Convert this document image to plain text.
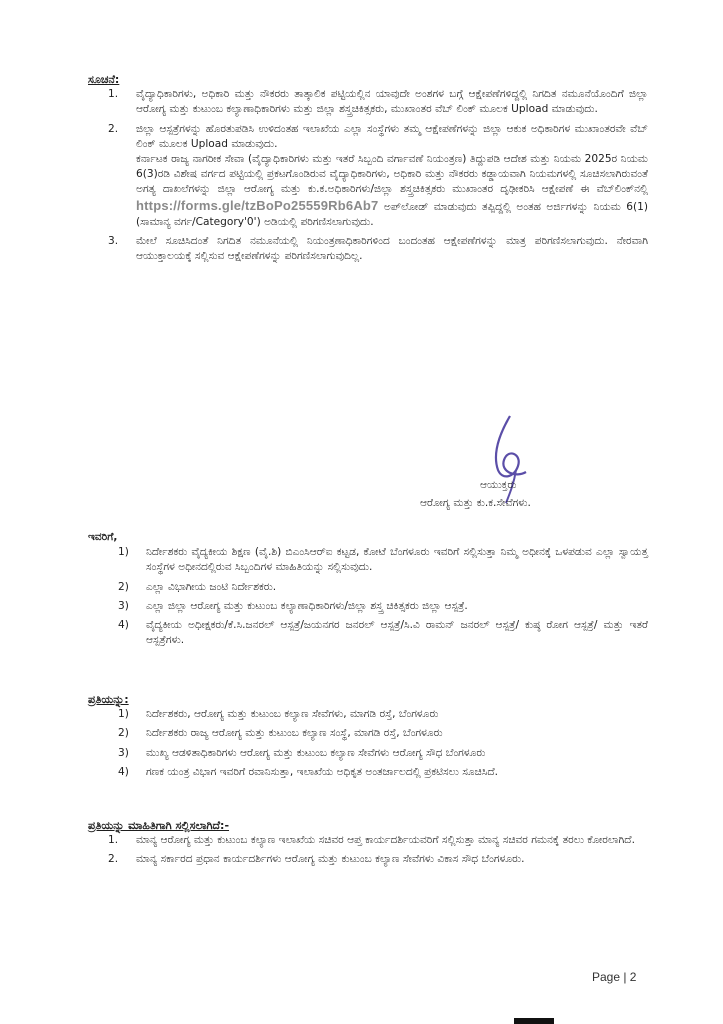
ಸೂಚನೆ:
1. ವೈದ್ಯಾಧಿಕಾರಿಗಳು, ಅಧಿಕಾರಿ ಮತ್ತು ನೌಕರರು ತಾತ್ಕಾಲಿಕ ಪಟ್ಟಿಯಲ್ಲಿನ ಯಾವುದೇ ಅಂಶಗಳ ಬಗ್ಗೆ ಆಕ್ಷೇಪಣೆಗಳಿದ್ದಲ್ಲಿ ನಿಗದಿತ ನಮೂನೆಯೊಂದಿಗೆ ಜಿಲ್ಲಾ ಆರೋಗ್ಯ ಮತ್ತು ಕುಟುಂಬ ಕಲ್ಯಾಣಾಧಿಕಾರಿಗಳು ಮತ್ತು ಜಿಲ್ಲಾ ಶಸ್ತ್ರಚಿಕಿತ್ಸಕರು, ಮುಖಾಂತರ ವೆಬ್ ಲಿಂಕ್ ಮೂಲಕ Upload ಮಾಡುವುದು.
2. ಜಿಲ್ಲಾ ಆಸ್ಪತ್ರೆಗಳನ್ನು ಹೊರತುಪಡಿಸಿ ಉಳಿದಂತಹ ಇಲಾಖೆಯ ಎಲ್ಲಾ ಸಂಸ್ಥೆಗಳು ತಮ್ಮ ಆಕ್ಷೇಪಣೆಗಳನ್ನು ಜಿಲ್ಲಾ ಆಕುಕ ಅಧಿಕಾರಿಗಳ ಮುಖಾಂತರವೇ ವೆಬ್ ಲಿಂಕ್ ಮೂಲಕ Upload ಮಾಡುವುದು.
ಕರ್ನಾಟಕ ರಾಜ್ಯ ನಾಗರೀಕ ಸೇವಾ (ವೈದ್ಯಾಧಿಕಾರಿಗಳು ಮತ್ತು ಇತರೆ ಸಿಬ್ಬಂದಿ ವರ್ಗಾವಣೆ ನಿಯಂತ್ರಣ) ತಿದ್ದುಪಡಿ ಆದೇಶ ಮತ್ತು ನಿಯಮ 2025ರ ನಿಯಮ 6(3)ರಡಿ ವಿಶೇಷ ವರ್ಗದ ಪಟ್ಟಿಯಲ್ಲಿ ಪ್ರಕಟಗೊಂಡಿರುವ ವೈದ್ಯಾಧಿಕಾರಿಗಳು, ಅಧಿಕಾರಿ ಮತ್ತು ನೌಕರರು ಕಡ್ಡಾಯವಾಗಿ ನಿಯಮಗಳಲ್ಲಿ ಸೂಚಿಸಲಾಗಿರುವಂತೆ ಅಗತ್ಯ ದಾಖಲೆಗಳನ್ನು ಜಿಲ್ಲಾ ಆರೋಗ್ಯ ಮತ್ತು ಕು.ಕ.ಅಧಿಕಾರಿಗಳು/ಜಿಲ್ಲಾ ಶಸ್ತ್ರಚಿಕಿತ್ಸಕರು ಮುಖಾಂತರ ದೃಢೀಕರಿಸಿ ಆಕ್ಷೇಪಣೆ ಈ ವೆಬ್‌ಲಿಂಕ್‌ನಲ್ಲಿ https://forms.gle/tzBoPo25559Rb6Ab7 ಅಪ್‌ಲೋಡ್ ಮಾಡುವುದು ತಪ್ಪಿದ್ದಲ್ಲಿ ಅಂತಹ ಅರ್ಜಿಗಳನ್ನು ನಿಯಮ 6(1) (ಸಾಮಾನ್ಯ ವರ್ಗ/Category'0') ಅಡಿಯಲ್ಲಿ ಪರಿಗಣಿಸಲಾಗುವುದು.
3. ಮೇಲೆ ಸೂಚಿಸಿದಂತೆ ನಿಗದಿತ ನಮೂನೆಯಲ್ಲಿ ನಿಯಂತ್ರಣಾಧಿಕಾರಿಗಳಿಂದ ಬಂದಂತಹ ಆಕ್ಷೇಪಣೆಗಳನ್ನು ಮಾತ್ರ ಪರಿಗಣಿಸಲಾಗುವುದು. ನೇರವಾಗಿ ಆಯುಕ್ತಾಲಯಕ್ಕೆ ಸಲ್ಲಿಸುವ ಆಕ್ಷೇಪಣೆಗಳನ್ನು ಪರಿಗಣಿಸಲಾಗುವುದಿಲ್ಲ.
ಆಯುಕ್ತರು
ಆರೋಗ್ಯ ಮತ್ತು ಕು.ಕ.ಸೇವೆಗಳು.
ಇವರಿಗೆ,
1) ನಿರ್ದೇಶಕರು ವೈದ್ಯಕೀಯ ಶಿಕ್ಷಣ (ವೈ.ಶಿ) ಬಿಎಂಸಿಆರ್‌ಐ ಕಟ್ಟಡ, ಕೋಟೆ ಬೆಂಗಳೂರು ಇವರಿಗೆ ಸಲ್ಲಿಸುತ್ತಾ ನಿಮ್ಮ ಅಧೀನಕ್ಕೆ ಒಳಪಡುವ ಎಲ್ಲಾ ಸ್ವಾಯತ್ತ ಸಂಸ್ಥೆಗಳ ಅಧೀನದಲ್ಲಿರುವ ಸಿಬ್ಬಂದಿಗಳ ಮಾಹಿತಿಯನ್ನು ಸಲ್ಲಿಸುವುದು.
2) ಎಲ್ಲಾ ವಿಭಾಗೀಯ ಜಂಟಿ ನಿರ್ದೇಶಕರು.
3) ಎಲ್ಲಾ ಜಿಲ್ಲಾ ಆರೋಗ್ಯ ಮತ್ತು ಕುಟುಂಬ ಕಲ್ಯಾಣಾಧಿಕಾರಿಗಳು/ಜಿಲ್ಲಾ ಶಸ್ತ್ರ ಚಿಕಿತ್ಸಕರು ಜಿಲ್ಲಾ ಆಸ್ಪತ್ರೆ.
4) ವೈದ್ಯಕೀಯ ಅಧೀಕ್ಷಕರು/ಕೆ.ಸಿ.ಜನರಲ್ ಆಸ್ಪತ್ರೆ/ಜಯನಗರ ಜನರಲ್ ಆಸ್ಪತ್ರೆ/ಸಿ.ವಿ ರಾಮನ್ ಜನರಲ್ ಆಸ್ಪತ್ರೆ/ ಕುಷ್ಠ ರೋಗ ಆಸ್ಪತ್ರೆ/ ಮತ್ತು ಇತರೆ ಆಸ್ಪತ್ರೆಗಳು.
ಪ್ರತಿಯನ್ನು:
1) ನಿರ್ದೇಶಕರು, ಆರೋಗ್ಯ ಮತ್ತು ಕುಟುಂಬ ಕಲ್ಯಾಣ ಸೇವೆಗಳು, ಮಾಗಡಿ ರಸ್ತೆ, ಬೆಂಗಳೂರು
2) ನಿರ್ದೇಶಕರು ರಾಜ್ಯ ಆರೋಗ್ಯ ಮತ್ತು ಕುಟುಂಬ ಕಲ್ಯಾಣ ಸಂಸ್ಥೆ, ಮಾಗಡಿ ರಸ್ತೆ, ಬೆಂಗಳೂರು
3) ಮುಖ್ಯ ಆಡಳಿತಾಧಿಕಾರಿಗಳು ಆರೋಗ್ಯ ಮತ್ತು ಕುಟುಂಬ ಕಲ್ಯಾಣ ಸೇವೆಗಳು ಆರೋಗ್ಯ ಸೌಧ ಬೆಂಗಳೂರು
4) ಗಣಕ ಯಂತ್ರ ವಿಭಾಗ ಇವರಿಗೆ ರವಾನಿಸುತ್ತಾ, ಇಲಾಖೆಯ ಅಧಿಕೃತ ಅಂತರ್ಜಾಲದಲ್ಲಿ ಪ್ರಕಟಿಸಲು ಸೂಚಿಸಿದೆ.
ಪ್ರತಿಯನ್ನು ಮಾಹಿತಿಗಾಗಿ ಸಲ್ಲಿಸಲಾಗಿದೆ:-
1. ಮಾನ್ಯ ಆರೋಗ್ಯ ಮತ್ತು ಕುಟುಂಬ ಕಲ್ಯಾಣ ಇಲಾಖೆಯ ಸಚಿವರ ಆಪ್ತ ಕಾರ್ಯದರ್ಶಿಯವರಿಗೆ ಸಲ್ಲಿಸುತ್ತಾ ಮಾನ್ಯ ಸಚಿವರ ಗಮನಕ್ಕೆ ತರಲು ಕೋರಲಾಗಿದೆ.
2. ಮಾನ್ಯ ಸರ್ಕಾರದ ಪ್ರಧಾನ ಕಾರ್ಯದರ್ಶಿಗಳು ಆರೋಗ್ಯ ಮತ್ತು ಕುಟುಂಬ ಕಲ್ಯಾಣ ಸೇವೆಗಳು ವಿಕಾಸ ಸೌಧ ಬೆಂಗಳೂರು.
Page | 2
